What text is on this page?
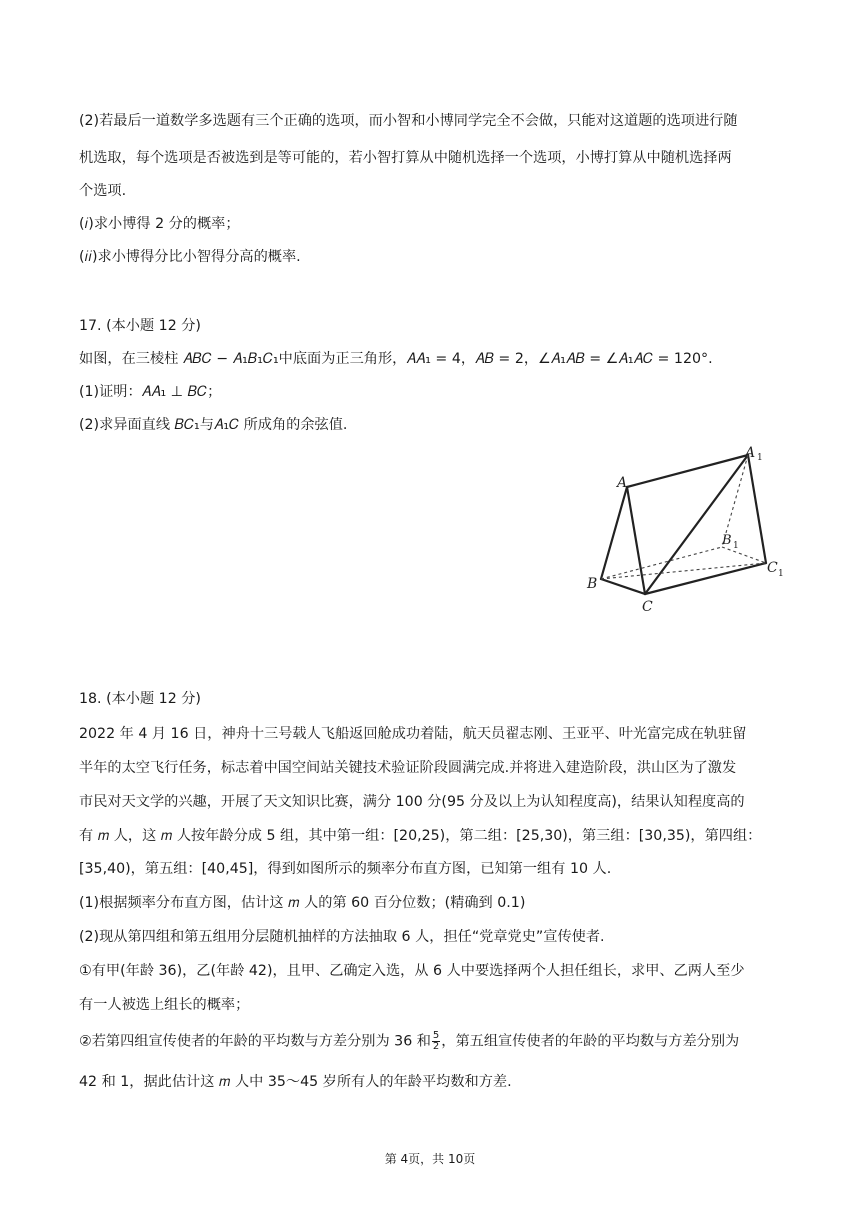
(2)若最后一道数学多选题有三个正确的选项，而小智和小博同学完全不会做，只能对这道题的选项进行随
机选取，每个选项是否被选到是等可能的，若小智打算从中随机选择一个选项，小博打算从中随机选择两
个选项.
(𝑖)求小博得 2 分的概率；
(𝑖𝑖)求小博得分比小智得分高的概率.
17. (本小题 12 分)
如图，在三棱柱 𝐴𝐵𝐶 − 𝐴₁𝐵₁𝐶₁中底面为正三角形，𝐴𝐴₁ = 4，𝐴𝐵 = 2，∠𝐴₁𝐴𝐵 = ∠𝐴₁𝐴𝐶 = 120°.
(1)证明：𝐴𝐴₁ ⊥ 𝐵𝐶；
(2)求异面直线 𝐵𝐶₁与𝐴₁𝐶 所成角的余弦值.
A
A 1
B
B 1
C
C 1
18. (本小题 12 分)
2022 年 4 月 16 日，神舟十三号载人飞船返回舱成功着陆，航天员翟志刚、王亚平、叶光富完成在轨驻留
半年的太空飞行任务，标志着中国空间站关键技术验证阶段圆满完成.并将进入建造阶段，洪山区为了激发
市民对天文学的兴趣，开展了天文知识比赛，满分 100 分(95 分及以上为认知程度高)，结果认知程度高的
有 𝑚 人，这 𝑚 人按年龄分成 5 组，其中第一组：[20,25)，第二组：[25,30)，第三组：[30,35)，第四组：
[35,40)，第五组：[40,45]，得到如图所示的频率分布直方图，已知第一组有 10 人.
(1)根据频率分布直方图，估计这 𝑚 人的第 60 百分位数；(精确到 0.1)
(2)现从第四组和第五组用分层随机抽样的方法抽取 6 人，担任“党章党史”宣传使者.
①有甲(年龄 36)，乙(年龄 42)，且甲、乙确定入选，从 6 人中要选择两个人担任组长，求甲、乙两人至少
有一人被选上组长的概率；
②若第四组宣传使者的年龄的平均数与方差分别为 36 和 $\frac{5}{2}$ ，第五组宣传使者的年龄的平均数与方差分别为
42 和 1，据此估计这 𝑚 人中 35～45 岁所有人的年龄平均数和方差.
第 4页，共 10页
